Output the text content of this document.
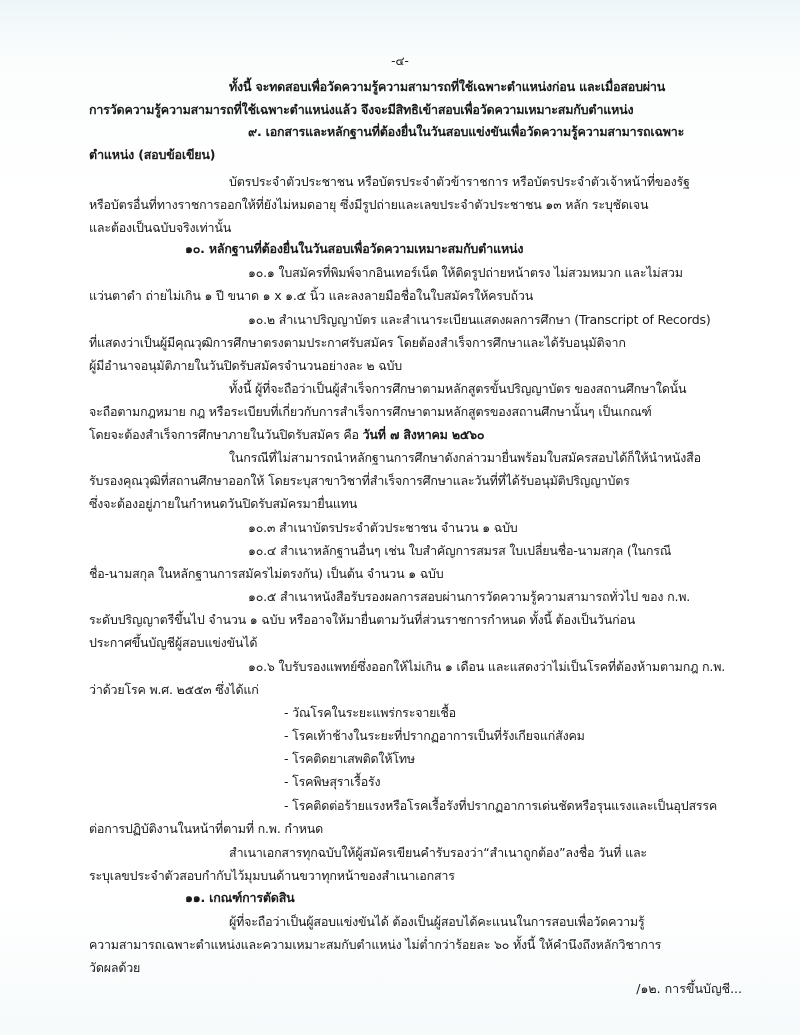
-๔-
ทั้งนี้ จะทดสอบเพื่อวัดความรู้ความสามารถที่ใช้เฉพาะตำแหน่งก่อน และเมื่อสอบผ่าน
การวัดความรู้ความสามารถที่ใช้เฉพาะตำแหน่งแล้ว จึงจะมีสิทธิเข้าสอบเพื่อวัดความเหมาะสมกับตำแหน่ง
๙. เอกสารและหลักฐานที่ต้องยื่นในวันสอบแข่งขันเพื่อวัดความรู้ความสามารถเฉพาะ
ตำแหน่ง (สอบข้อเขียน)
บัตรประจำตัวประชาชน หรือบัตรประจำตัวข้าราชการ หรือบัตรประจำตัวเจ้าหน้าที่ของรัฐ
หรือบัตรอื่นที่ทางราชการออกให้ที่ยังไม่หมดอายุ ซึ่งมีรูปถ่ายและเลขประจำตัวประชาชน ๑๓ หลัก ระบุชัดเจน
และต้องเป็นฉบับจริงเท่านั้น
๑๐. หลักฐานที่ต้องยื่นในวันสอบเพื่อวัดความเหมาะสมกับตำแหน่ง
๑๐.๑ ใบสมัครที่พิมพ์จากอินเทอร์เน็ต ให้ติดรูปถ่ายหน้าตรง ไม่สวมหมวก และไม่สวม
แว่นตาดำ ถ่ายไม่เกิน ๑ ปี ขนาด ๑ x ๑.๕ นิ้ว และลงลายมือชื่อในใบสมัครให้ครบถ้วน
๑๐.๒ สำเนาปริญญาบัตร และสำเนาระเบียนแสดงผลการศึกษา (Transcript of Records)
ที่แสดงว่าเป็นผู้มีคุณวุฒิการศึกษาตรงตามประกาศรับสมัคร โดยต้องสำเร็จการศึกษาและได้รับอนุมัติจาก
ผู้มีอำนาจอนุมัติภายในวันปิดรับสมัครจำนวนอย่างละ ๒ ฉบับ
ทั้งนี้ ผู้ที่จะถือว่าเป็นผู้สำเร็จการศึกษาตามหลักสูตรขั้นปริญญาบัตร ของสถานศึกษาใดนั้น
จะถือตามกฎหมาย กฎ หรือระเบียบที่เกี่ยวกับการสำเร็จการศึกษาตามหลักสูตรของสถานศึกษานั้นๆ เป็นเกณฑ์
โดยจะต้องสำเร็จการศึกษาภายในวันปิดรับสมัคร คือ วันที่ ๗ สิงหาคม ๒๕๖๐
ในกรณีที่ไม่สามารถนำหลักฐานการศึกษาดังกล่าวมายื่นพร้อมใบสมัครสอบได้ก็ให้นำหนังสือ
รับรองคุณวุฒิที่สถานศึกษาออกให้ โดยระบุสาขาวิชาที่สำเร็จการศึกษาและวันที่ที่ได้รับอนุมัติปริญญาบัตร
ซึ่งจะต้องอยู่ภายในกำหนดวันปิดรับสมัครมายื่นแทน
๑๐.๓ สำเนาบัตรประจำตัวประชาชน จำนวน ๑ ฉบับ
๑๐.๔ สำเนาหลักฐานอื่นๆ เช่น ใบสำคัญการสมรส ใบเปลี่ยนชื่อ-นามสกุล (ในกรณี
ชื่อ-นามสกุล ในหลักฐานการสมัครไม่ตรงกัน) เป็นต้น จำนวน ๑ ฉบับ
๑๐.๕ สำเนาหนังสือรับรองผลการสอบผ่านการวัดความรู้ความสามารถทั่วไป ของ ก.พ.
ระดับปริญญาตรีขึ้นไป จำนวน ๑ ฉบับ หรืออาจให้มายื่นตามวันที่ส่วนราชการกำหนด ทั้งนี้ ต้องเป็นวันก่อน
ประกาศขึ้นบัญชีผู้สอบแข่งขันได้
๑๐.๖ ใบรับรองแพทย์ซึ่งออกให้ไม่เกิน ๑ เดือน และแสดงว่าไม่เป็นโรคที่ต้องห้ามตามกฎ ก.พ.
ว่าด้วยโรค พ.ศ. ๒๕๕๓ ซึ่งได้แก่
- วัณโรคในระยะแพร่กระจายเชื้อ
- โรคเท้าช้างในระยะที่ปรากฏอาการเป็นที่รังเกียจแก่สังคม
- โรคติดยาเสพติดให้โทษ
- โรคพิษสุราเรื้อรัง
- โรคติดต่อร้ายแรงหรือโรคเรื้อรังที่ปรากฏอาการเด่นชัดหรือรุนแรงและเป็นอุปสรรค
ต่อการปฏิบัติงานในหน้าที่ตามที่ ก.พ. กำหนด
สำเนาเอกสารทุกฉบับให้ผู้สมัครเขียนคำรับรองว่า“สำเนาถูกต้อง”ลงชื่อ วันที่ และ
ระบุเลขประจำตัวสอบกำกับไว้มุมบนด้านขวาทุกหน้าของสำเนาเอกสาร
๑๑. เกณฑ์การตัดสิน
ผู้ที่จะถือว่าเป็นผู้สอบแข่งขันได้ ต้องเป็นผู้สอบได้คะแนนในการสอบเพื่อวัดความรู้
ความสามารถเฉพาะตำแหน่งและความเหมาะสมกับตำแหน่ง ไม่ต่ำกว่าร้อยละ ๖๐ ทั้งนี้ ให้คำนึงถึงหลักวิชาการ
วัดผลด้วย
/๑๒. การขึ้นบัญชี...
